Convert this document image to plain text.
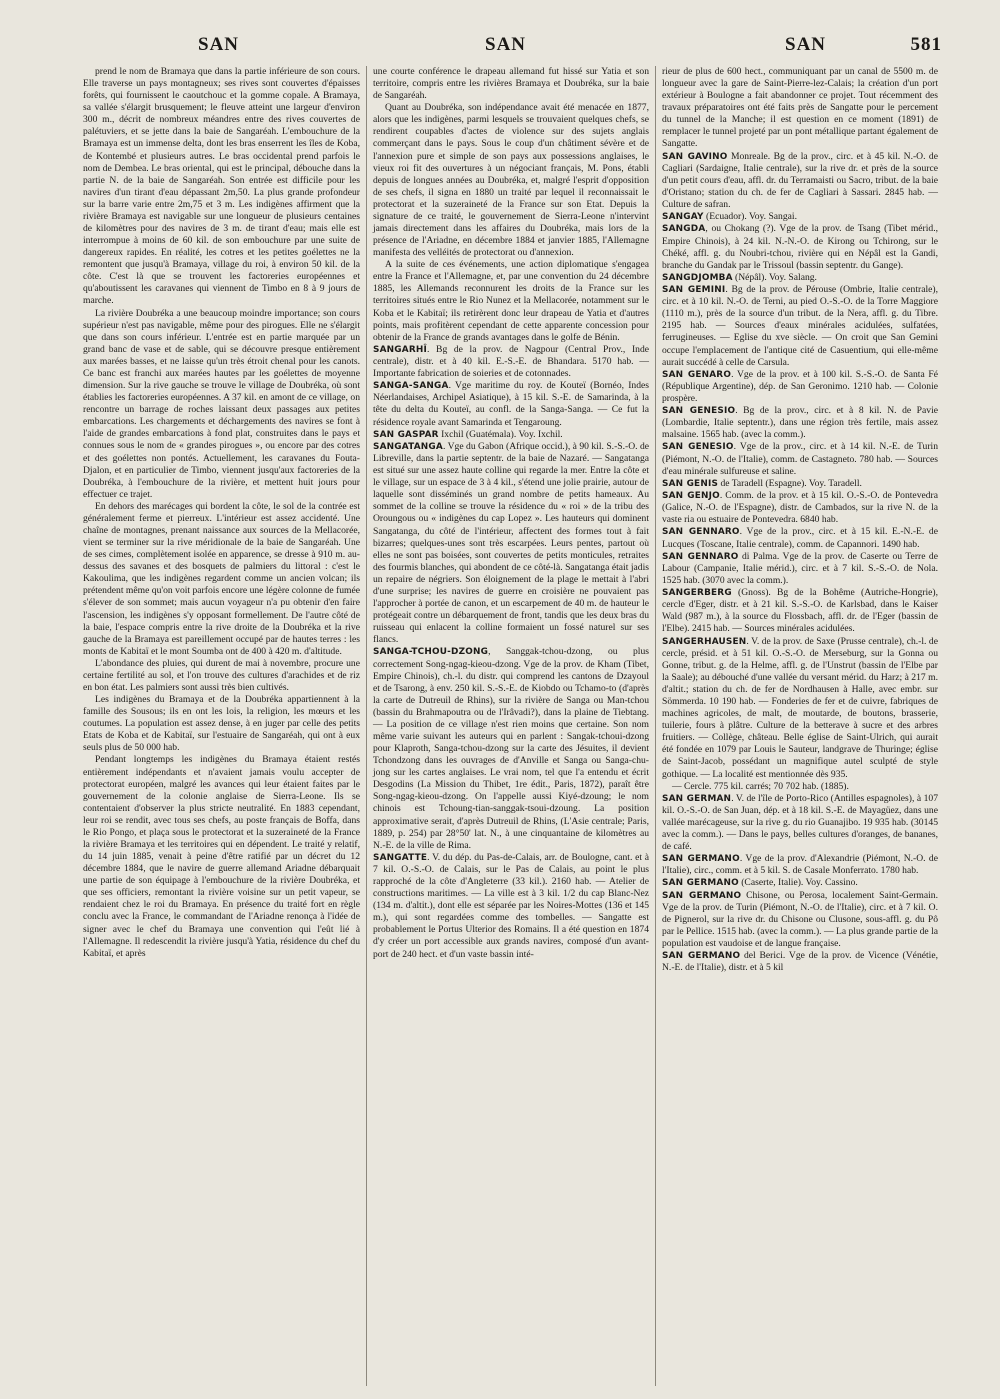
SAN	SAN	SAN	581

prend le nom de Bramaya que dans la partie inférieure de son cours. Elle traverse un pays montagneux; ses rives sont couvertes d'épaisses forêts, qui fournissent le caoutchouc et la gomme copale. A Bramaya, sa vallée s'élargit brusquement; le fleuve atteint une largeur d'environ 300 m., décrit de nombreux méandres entre des rives couvertes de palétuviers, et se jette dans la baie de Sangaréah. L'embouchure de la Bramaya est un immense delta, dont les bras enserrent les îles de Koba, de Kontembé et plusieurs autres. Le bras occidental prend parfois le nom de Dembea. Le bras oriental, qui est le principal, débouche dans la partie N. de la baie de Sangaréah. Son entrée est difficile pour les navires d'un tirant d'eau dépassant 2m,50. La plus grande profondeur sur la barre varie entre 2m,75 et 3 m. Les indigènes affirment que la rivière Bramaya est navigable sur une longueur de plusieurs centaines de kilomètres pour des navires de 3 m. de tirant d'eau; mais elle est interrompue à moins de 60 kil. de son embouchure par une suite de dangereux rapides. En réalité, les cotres et les petites goélettes ne la remontent que jusqu'à Bramaya, village du roi, à environ 50 kil. de la côte. C'est là que se trouvent les factoreries européennes et qu'aboutissent les caravanes qui viennent de Timbo en 8 à 9 jours de marche.

La rivière Doubréka a une beaucoup moindre importance; son cours supérieur n'est pas navigable, même pour des pirogues. Elle ne s'élargit que dans son cours inférieur. L'entrée est en partie marquée par un grand banc de vase et de sable, qui se découvre presque entièrement aux marées basses, et ne laisse qu'un très étroit chenal pour les canots. Ce banc est franchi aux marées hautes par les goélettes de moyenne dimension. Sur la rive gauche se trouve le village de Doubréka, où sont établies les factoreries européennes. A 37 kil. en amont de ce village, on rencontre un barrage de roches laissant deux passages aux petites embarcations. Les chargements et déchargements des navires se font à l'aide de grandes embarcations à fond plat, construites dans le pays et connues sous le nom de « grandes pirogues », ou encore par des cotres et des goélettes non pontés. Actuellement, les caravanes du Fouta-Djalon, et en particulier de Timbo, viennent jusqu'aux factoreries de la Doubréka, à l'embouchure de la rivière, et mettent huit jours pour effectuer ce trajet.

En dehors des marécages qui bordent la côte, le sol de la contrée est généralement ferme et pierreux. L'intérieur est assez accidenté. Une chaîne de montagnes, prenant naissance aux sources de la Mellacorée, vient se terminer sur la rive méridionale de la baie de Sangaréah. Une de ses cimes, complètement isolée en apparence, se dresse à 910 m. au-dessus des savanes et des bosquets de palmiers du littoral : c'est le Kakoulima, que les indigènes regardent comme un ancien volcan; ils prétendent même qu'on voit parfois encore une légère colonne de fumée s'élever de son sommet; mais aucun voyageur n'a pu obtenir d'en faire l'ascension, les indigènes s'y opposant formellement. De l'autre côté de la baie, l'espace compris entre la rive droite de la Doubréka et la rive gauche de la Bramaya est pareillement occupé par de hautes terres : les monts de Kabitaï et le mont Soumba ont de 400 à 420 m. d'altitude.

L'abondance des pluies, qui durent de mai à novembre, procure une certaine fertilité au sol, et l'on trouve des cultures d'arachides et de riz en bon état. Les palmiers sont aussi très bien cultivés.

Les indigènes du Bramaya et de la Doubréka appartiennent à la famille des Sousous; ils en ont les lois, la religion, les mœurs et les coutumes. La population est assez dense, à en juger par celle des petits Etats de Koba et de Kabitaï, sur l'estuaire de Sangaréah, qui ont à eux seuls plus de 50 000 hab.

Pendant longtemps les indigènes du Bramaya étaient restés entièrement indépendants et n'avaient jamais voulu accepter de protectorat européen, malgré les avances qui leur étaient faites par le gouvernement de la colonie anglaise de Sierra-Leone. Ils se contentaient d'observer la plus stricte neutralité. En 1883 cependant, leur roi se rendit, avec tous ses chefs, au poste français de Boffa, dans le Rio Pongo, et plaça sous le protectorat et la suzeraineté de la France la rivière Bramaya et les territoires qui en dépendent. Le traité y relatif, du 14 juin 1885, venait à peine d'être ratifié par un décret du 12 décembre 1884, que le navire de guerre allemand Ariadne débarquait une partie de son équipage à l'embouchure de la rivière Doubréka, et que ses officiers, remontant la rivière voisine sur un petit vapeur, se rendaient chez le roi du Bramaya. En présence du traité fort en règle conclu avec la France, le commandant de l'Ariadne renonça à l'idée de signer avec le chef du Bramaya une convention qui l'eût lié à l'Allemagne. Il redescendit la rivière jusqu'à Yatia, résidence du chef du Kabitaï, et après

une courte conférence le drapeau allemand fut hissé sur Yatia et son territoire, compris entre les rivières Bramaya et Doubréka, sur la baie de Sangaréah.

Quant au Doubréka, son indépendance avait été menacée en 1877, alors que les indigènes, parmi lesquels se trouvaient quelques chefs, se rendirent coupables d'actes de violence sur des sujets anglais commerçant dans le pays. Sous le coup d'un châtiment sévère et de l'annexion pure et simple de son pays aux possessions anglaises, le vieux roi fit des ouvertures à un négociant français, M. Pons, établi depuis de longues années au Doubréka, et, malgré l'esprit d'opposition de ses chefs, il signa en 1880 un traité par lequel il reconnaissait le protectorat et la suzeraineté de la France sur son Etat. Depuis la signature de ce traité, le gouvernement de Sierra-Leone n'intervint jamais directement dans les affaires du Doubréka, mais lors de la présence de l'Ariadne, en décembre 1884 et janvier 1885, l'Allemagne manifesta des velléités de protectorat ou d'annexion.

A la suite de ces événements, une action diplomatique s'engagea entre la France et l'Allemagne, et, par une convention du 24 décembre 1885, les Allemands reconnurent les droits de la France sur les territoires situés entre le Rio Nunez et la Mellacorée, notamment sur le Koba et le Kabitaï; ils retirèrent donc leur drapeau de Yatia et d'autres points, mais profitèrent cependant de cette apparente concession pour obtenir de la France de grands avantages dans le golfe de Bénin.

SANGARHÎ. Bg de la prov. de Nagpour (Central Prov., Inde centrale), distr. et à 40 kil. E.-S.-E. de Bhandara. 5170 hab. — Importante fabrication de soieries et de cotonnades.

SANGA-SANGA. Vge maritime du roy. de Kouteï (Bornéo, Indes Néerlandaises, Archipel Asiatique), à 15 kil. S.-E. de Samarinda, à la tête du delta du Kouteï, au confl. de la Sanga-Sanga. — Ce fut la résidence royale avant Samarinda et Tengaroung.

SAN GASPAR Ixchil (Guatémala). Voy. Ixchil.

SANGATANGA. Vge du Gabon (Afrique occid.), à 90 kil. S.-S.-O. de Libreville, dans la partie septentr. de la baie de Nazaré. — Sangatanga est situé sur une assez haute colline qui regarde la mer. Entre la côte et le village, sur un espace de 3 à 4 kil., s'étend une jolie prairie, autour de laquelle sont disséminés un grand nombre de petits hameaux. Au sommet de la colline se trouve la résidence du « roi » de la tribu des Oroungous ou « indigènes du cap Lopez ». Les hauteurs qui dominent Sangatanga, du côté de l'intérieur, affectent des formes tout à fait bizarres; quelques-unes sont très escarpées. Leurs pentes, partout où elles ne sont pas boisées, sont couvertes de petits monticules, retraites des fourmis blanches, qui abondent de ce côté-là. Sangatanga était jadis un repaire de négriers. Son éloignement de la plage le mettait à l'abri d'une surprise; les navires de guerre en croisière ne pouvaient pas l'approcher à portée de canon, et un escarpement de 40 m. de hauteur le protégeait contre un débarquement de front, tandis que les deux bras du ruisseau qui enlacent la colline formaient un fossé naturel sur ses flancs.

SANGA-TCHOU-DZONG, Sanggak-tchou-dzong, ou plus correctement Song-ngag-kieou-dzong. Vge de la prov. de Kham (Tibet, Empire Chinois), ch.-l. du distr. qui comprend les cantons de Dzayoul et de Tsarong, à env. 250 kil. S.-S.-E. de Kiobdo ou Tchamo-to (d'après la carte de Dutreuil de Rhins), sur la rivière de Sanga ou Man-tchou (bassin du Brahmapoutra ou de l'Irâvadi?), dans la plaine de Tiebtang. — La position de ce village n'est rien moins que certaine. Son nom même varie suivant les auteurs qui en parlent : Sangak-tchoui-dzong pour Klaproth, Sanga-tchou-dzong sur la carte des Jésuites, il devient Tchondzong dans les ouvrages de d'Anville et Sanga ou Sanga-chu-jong sur les cartes anglaises. Le vrai nom, tel que l'a entendu et écrit Desgodins (La Mission du Thibet, 1re édit., Paris, 1872), paraît être Song-ngag-kieou-dzong. On l'appelle aussi Kiyé-dzoung; le nom chinois est Tchoung-tian-sanggak-tsoui-dzoung. La position approximative serait, d'après Dutreuil de Rhins, (L'Asie centrale; Paris, 1889, p. 254) par 28°50' lat. N., à une cinquantaine de kilomètres au N.-E. de la ville de Rima.

SANGATTE. V. du dép. du Pas-de-Calais, arr. de Boulogne, cant. et à 7 kil. O.-S.-O. de Calais, sur le Pas de Calais, au point le plus rapproché de la côte d'Angleterre (33 kil.). 2160 hab. — Atelier de constructions maritimes. — La ville est à 3 kil. 1/2 du cap Blanc-Nez (134 m. d'altit.), dont elle est séparée par les Noires-Mottes (136 et 145 m.), qui sont regardées comme des tombelles. — Sangatte est probablement le Portus Ulterior des Romains. Il a été question en 1874 d'y créer un port accessible aux grands navires, composé d'un avant-port de 240 hect. et d'un vaste bassin inté-

rieur de plus de 600 hect., communiquant par un canal de 5500 m. de longueur avec la gare de Saint-Pierre-lez-Calais; la création d'un port extérieur à Boulogne a fait abandonner ce projet. Tout récemment des travaux préparatoires ont été faits près de Sangatte pour le percement du tunnel de la Manche; il est question en ce moment (1891) de remplacer le tunnel projeté par un pont métallique partant également de Sangatte.

SAN GAVINO Monreale. Bg de la prov., circ. et à 45 kil. N.-O. de Cagliari (Sardaigne, Italie centrale), sur la rive dr. et près de la source d'un petit cours d'eau, affl. dr. du Terramaisti ou Sacro, tribut. de la baie d'Oristano; station du ch. de fer de Cagliari à Sassari. 2845 hab. — Culture de safran.

SANGAY (Ecuador). Voy. Sangai.

SANGDA, ou Chokang (?). Vge de la prov. de Tsang (Tibet mérid., Empire Chinois), à 24 kil. N.-N.-O. de Kirong ou Tchirong, sur le Chéké, affl. g. du Noubri-tchou, rivière qui en Népâl est la Gandi, branche du Gandak par le Trissoul (bassin septentr. du Gange).

SANGDJOMBA (Népâl). Voy. Salang.

SAN GEMINI. Bg de la prov. de Pérouse (Ombrie, Italie centrale), circ. et à 10 kil. N.-O. de Terni, au pied O.-S.-O. de la Torre Maggiore (1110 m.), près de la source d'un tribut. de la Nera, affl. g. du Tibre. 2195 hab. — Sources d'eaux minérales acidulées, sulfatées, ferrugineuses. — Eglise du xve siècle. — On croit que San Gemini occupe l'emplacement de l'antique cité de Casuentium, qui elle-même aurait succédé à celle de Carsula.

SAN GENARO. Vge de la prov. et à 100 kil. S.-S.-O. de Santa Fé (République Argentine), dép. de San Geronimo. 1210 hab. — Colonie prospère.

SAN GENESIO. Bg de la prov., circ. et à 8 kil. N. de Pavie (Lombardie, Italie septentr.), dans une région très fertile, mais assez malsaine. 1565 hab. (avec la comm.).

SAN GENESIO. Vge de la prov., circ. et à 14 kil. N.-E. de Turin (Piémont, N.-O. de l'Italie), comm. de Castagneto. 780 hab. — Sources d'eau minérale sulfureuse et saline.

SAN GENIS de Taradell (Espagne). Voy. Taradell.

SAN GENJO. Comm. de la prov. et à 15 kil. O.-S.-O. de Pontevedra (Galice, N.-O. de l'Espagne), distr. de Cambados, sur la rive N. de la vaste ria ou estuaire de Pontevedra. 6840 hab.

SAN GENNARO. Vge de la prov., circ. et à 15 kil. E.-N.-E. de Lucques (Toscane, Italie centrale), comm. de Capannori. 1490 hab.

SAN GENNARO di Palma. Vge de la prov. de Caserte ou Terre de Labour (Campanie, Italie mérid.), circ. et à 7 kil. S.-S.-O. de Nola. 1525 hab. (3070 avec la comm.).

SANGERBERG (Gnoss). Bg de la Bohême (Autriche-Hongrie), cercle d'Eger, distr. et à 21 kil. S.-S.-O. de Karlsbad, dans le Kaiser Wald (987 m.), à la source du Flossbach, affl. dr. de l'Eger (bassin de l'Elbe). 2415 hab. — Sources minérales acidulées.

SANGERHAUSEN. V. de la prov. de Saxe (Prusse centrale), ch.-l. de cercle, présid. et à 51 kil. O.-S.-O. de Merseburg, sur la Gonna ou Gonne, tribut. g. de la Helme, affl. g. de l'Unstrut (bassin de l'Elbe par la Saale); au débouché d'une vallée du versant mérid. du Harz; à 217 m. d'altit.; station du ch. de fer de Nordhausen à Halle, avec embr. sur Sömmerda. 10 190 hab. — Fonderies de fer et de cuivre, fabriques de machines agricoles, de malt, de moutarde, de boutons, brasserie, tuilerie, fours à plâtre. Culture de la betterave à sucre et des arbres fruitiers. — Collège, château. Belle église de Saint-Ulrich, qui aurait été fondée en 1079 par Louis le Sauteur, landgrave de Thuringe; église de Saint-Jacob, possédant un magnifique autel sculpté de style gothique. — La localité est mentionnée dès 935.

— Cercle. 775 kil. carrés; 70 702 hab. (1885).

SAN GERMAN. V. de l'île de Porto-Rico (Antilles espagnoles), à 107 kil. O.-S.-O. de San Juan, dép. et à 18 kil. S.-E. de Mayagüez, dans une vallée marécageuse, sur la rive g. du rio Guanajibo. 19 935 hab. (30145 avec la comm.). — Dans le pays, belles cultures d'oranges, de bananes, de café.

SAN GERMANO. Vge de la prov. d'Alexandrie (Piémont, N.-O. de l'Italie), circ., comm. et à 5 kil. S. de Casale Monferrato. 1780 hab.

SAN GERMANO (Caserte, Italie). Voy. Cassino.

SAN GERMANO Chisone, ou Perosa, localement Saint-Germain. Vge de la prov. de Turin (Piémont, N.-O. de l'Italie), circ. et à 7 kil. O. de Pignerol, sur la rive dr. du Chisone ou Clusone, sous-affl. g. du Pô par le Pellice. 1515 hab. (avec la comm.). — La plus grande partie de la population est vaudoise et de langue française.

SAN GERMANO del Berici. Vge de la prov. de Vicence (Vénétie, N.-E. de l'Italie), distr. et à 5 kil
